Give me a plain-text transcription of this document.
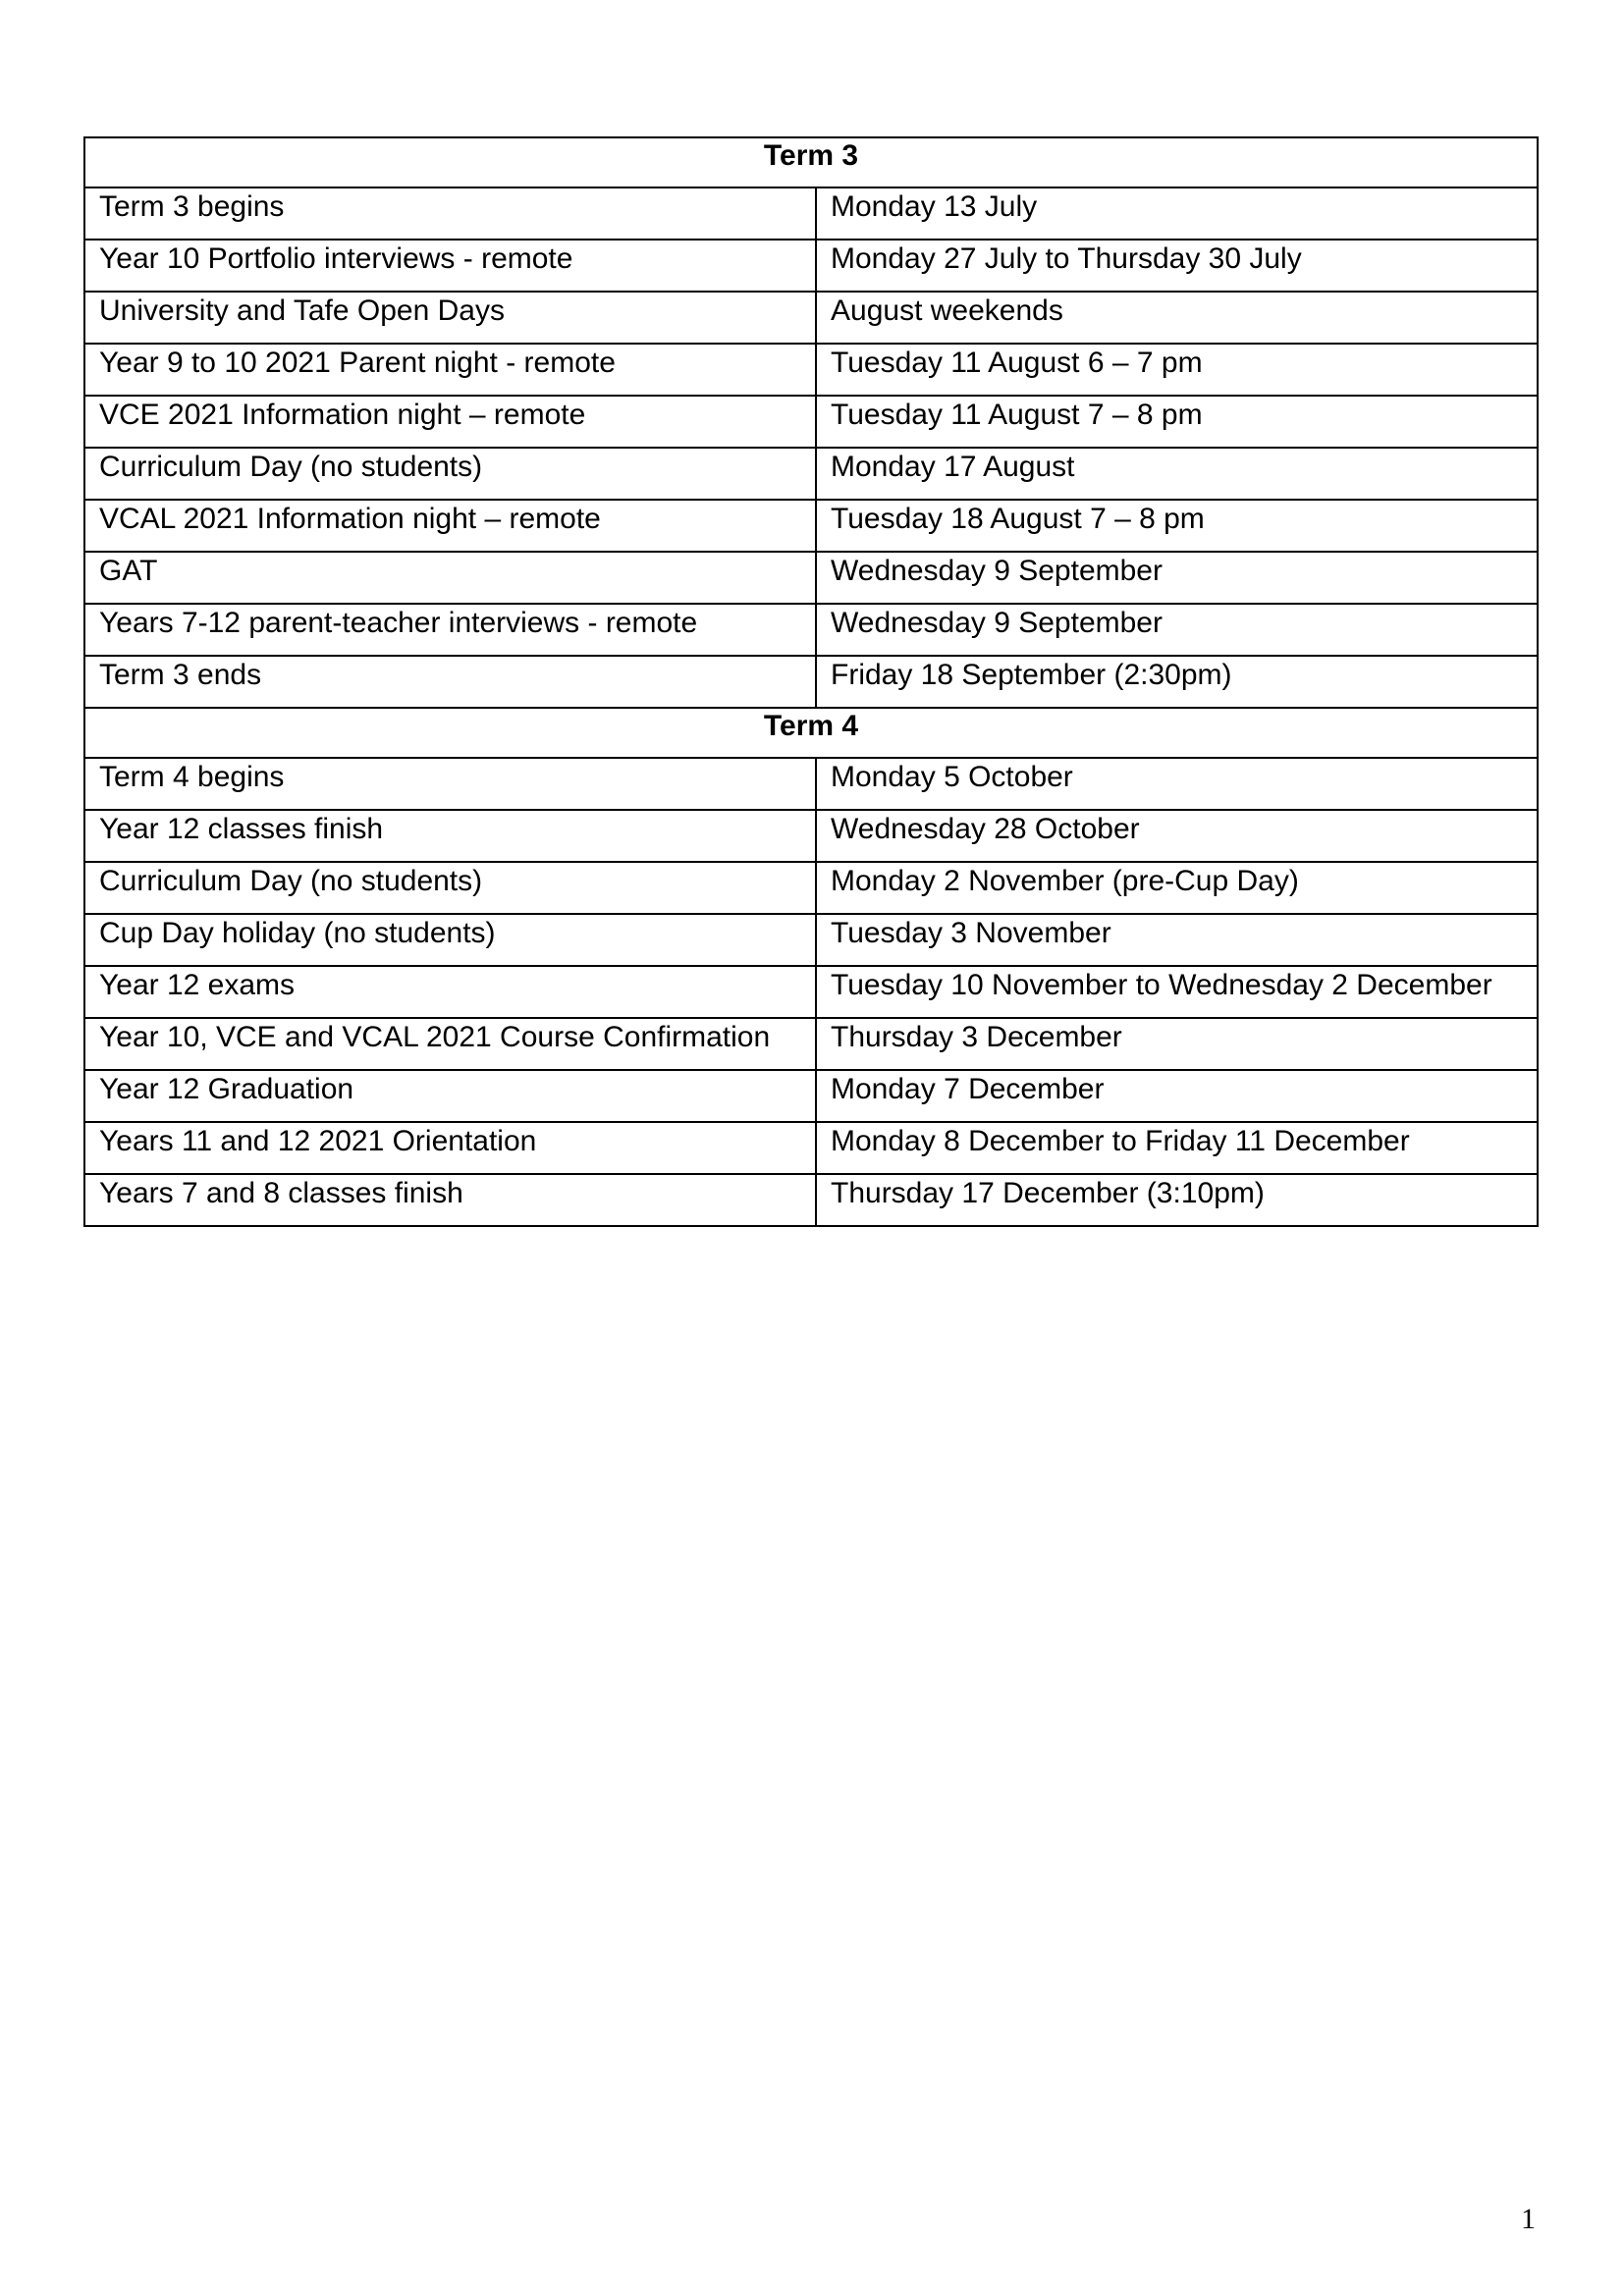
Term 3	
Term 3 begins	Monday 13 July
Year 10 Portfolio interviews - remote	Monday 27 July to Thursday 30 July
University and Tafe Open Days	August weekends
Year 9 to 10 2021 Parent night - remote	Tuesday 11 August 6 – 7 pm
VCE 2021 Information night – remote	Tuesday 11 August 7 – 8 pm
Curriculum Day (no students)	Monday 17 August
VCAL 2021 Information night – remote	Tuesday 18 August 7 – 8 pm
GAT	Wednesday 9 September
Years 7-12 parent-teacher interviews - remote	Wednesday 9 September
Term 3 ends	Friday 18 September (2:30pm)
Term 4	
Term 4 begins	Monday 5 October
Year 12 classes finish	Wednesday 28 October
Curriculum Day (no students)	Monday 2 November (pre-Cup Day)
Cup Day holiday (no students)	Tuesday 3 November
Year 12 exams	Tuesday 10 November to Wednesday 2 December
Year 10, VCE and VCAL 2021 Course Confirmation	Thursday 3 December
Year 12 Graduation	Monday 7 December
Years 11 and 12 2021 Orientation	Monday 8 December to Friday 11 December
Years 7 and 8 classes finish	Thursday 17 December (3:10pm)
1
